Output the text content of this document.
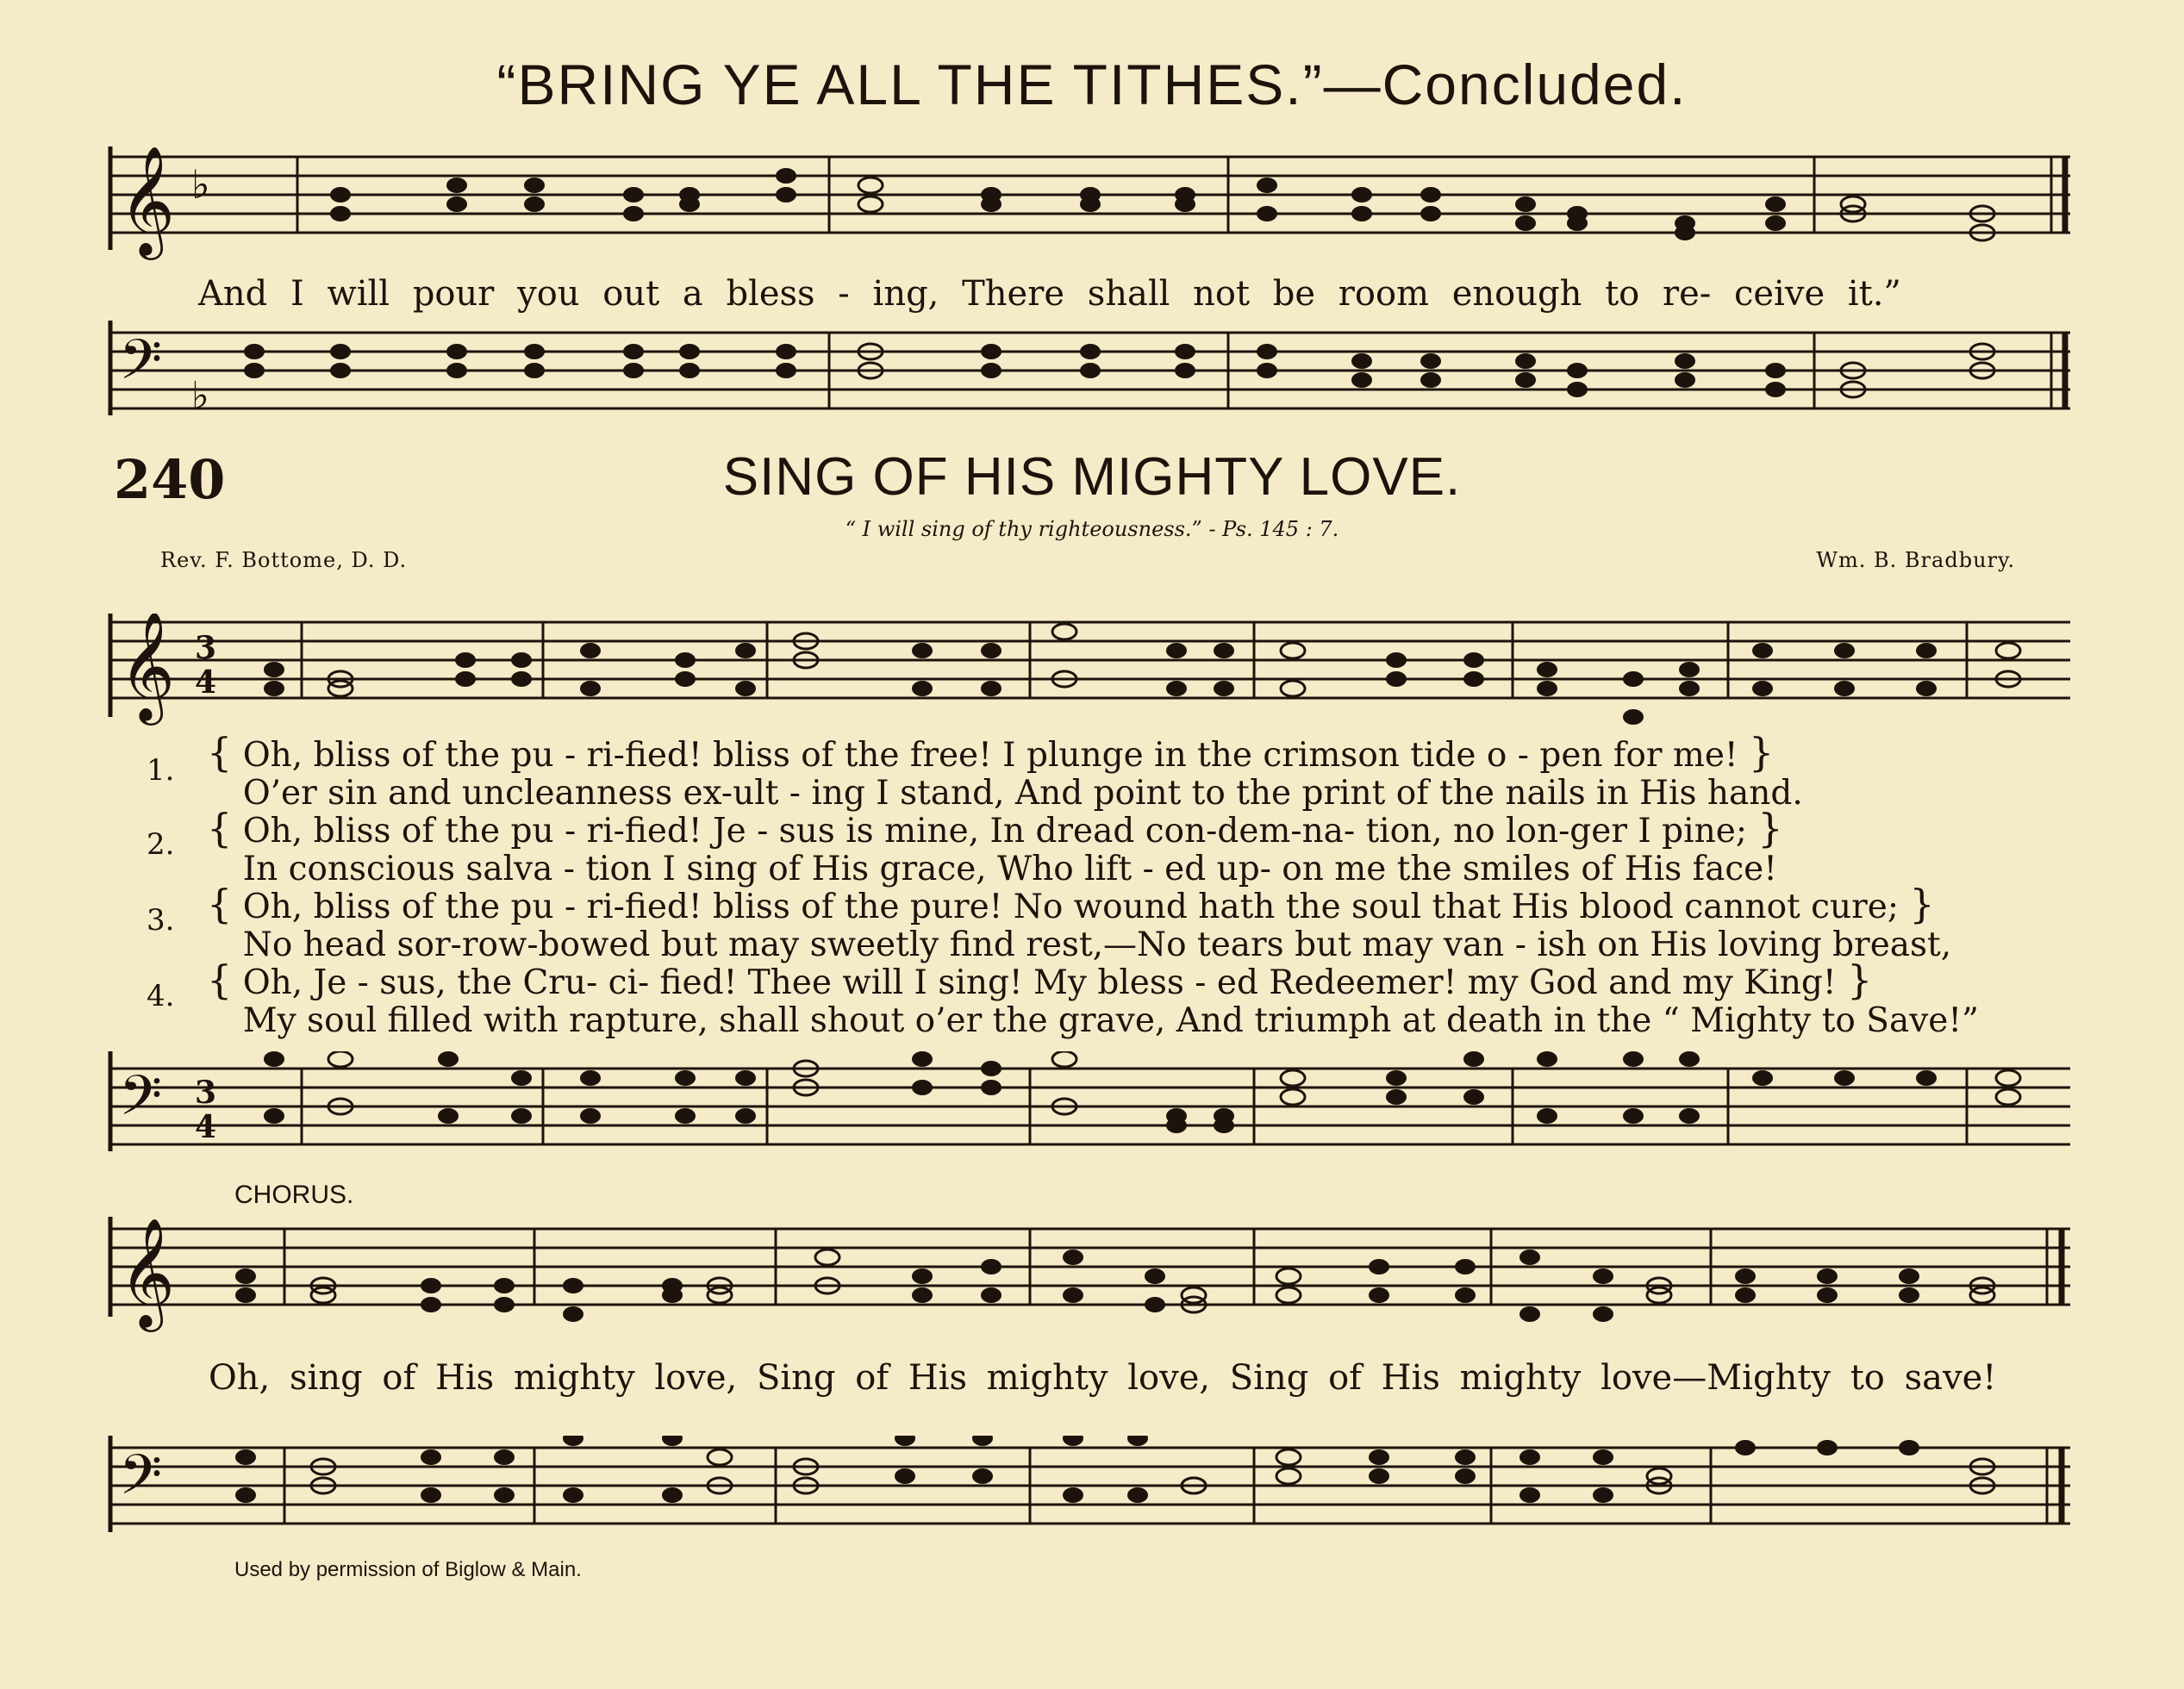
“BRING YE ALL THE TITHES.”—Concluded.
𝄞 ♭
And I will pour you out a bless - ing, There shall not be room enough to re- ceive it.”
𝄢 ♭
240	SING OF HIS MIGHTY LOVE.
“ I will sing of thy righteousness.” - Ps. 145 : 7.
Rev. F. Bottome, D. D.	Wm. B. Bradbury.
𝄞 3
4
1. { Oh, bliss of the pu - ri-fied! bliss of the free! I plunge in the crimson tide o - pen for me! }
O’er sin and uncleanness ex-ult - ing I stand, And point to the print of the nails in His hand.
2. { Oh, bliss of the pu - ri-fied! Je - sus is mine, In dread con-dem-na- tion, no lon-ger I pine; }
In conscious salva - tion I sing of His grace, Who lift - ed up- on me the smiles of His face!
3. { Oh, bliss of the pu - ri-fied! bliss of the pure! No wound hath the soul that His blood cannot cure; }
No head sor-row-bowed but may sweetly find rest,—No tears but may van - ish on His loving breast,
4. { Oh, Je - sus, the Cru- ci- fied! Thee will I sing! My bless - ed Redeemer! my God and my King! }
My soul filled with rapture, shall shout o’er the grave, And triumph at death in the “ Mighty to Save!”
𝄢 3
4
CHORUS.
𝄞
Oh, sing of His mighty love, Sing of His mighty love, Sing of His mighty love—Mighty to save!
𝄢
Used by permission of Biglow & Main.
